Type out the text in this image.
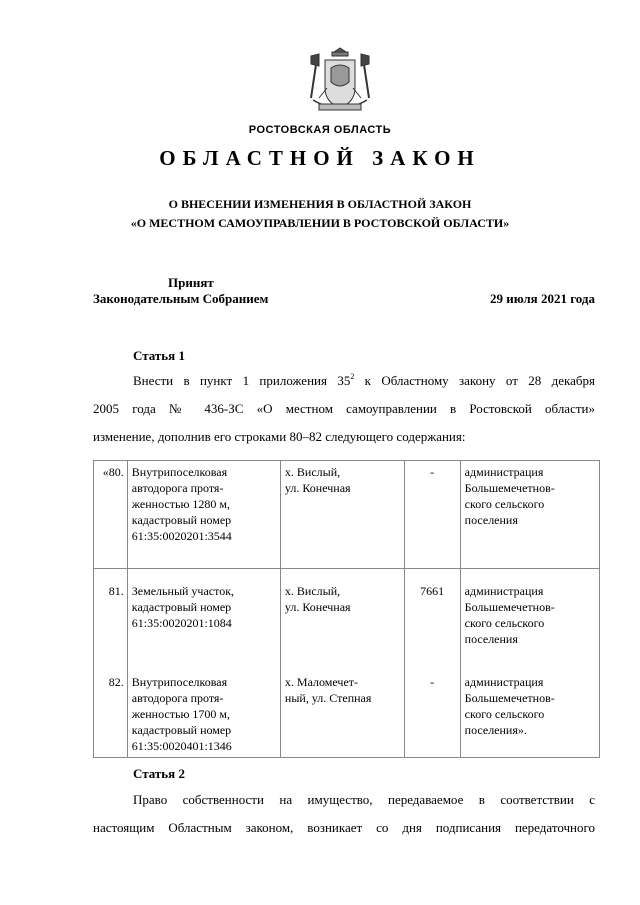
РОСТОВСКАЯ ОБЛАСТЬ
ОБЛАСТНОЙ ЗАКОН
О ВНЕСЕНИИ ИЗМЕНЕНИЯ В ОБЛАСТНОЙ ЗАКОН
«О МЕСТНОМ САМОУПРАВЛЕНИИ В РОСТОВСКОЙ ОБЛАСТИ»
Принят
Законодательным Собранием	29 июля 2021 года
Статья 1
Внести в пункт 1 приложения $35^2$ к Областному закону от 28 декабря
2005 года № 436-ЗС «О местном самоуправлении в Ростовской области»
изменение, дополнив его строками 80–82 следующего содержания:
«80.	Внутрипоселковая
автодорога протя-
женностью 1280 м,
кадастровый номер
61:35:0020201:3544	х. Вислый,
ул. Конечная	-	администрация
Большемечетнов-
ского сельского
поселения

81.	Земельный участок,
кадастровый номер
61:35:0020201:1084	х. Вислый,
ул. Конечная	7661	администрация
Большемечетнов-
ского сельского
поселения

82.	Внутрипоселковая
автодорога протя-
женностью 1700 м,
кадастровый номер
61:35:0020401:1346	х. Маломечет-
ный, ул. Степная	-	администрация
Большемечетнов-
ского сельского
поселения».
Статья 2
Право собственности на имущество, передаваемое в соответствии с
настоящим Областным законом, возникает со дня подписания передаточного
